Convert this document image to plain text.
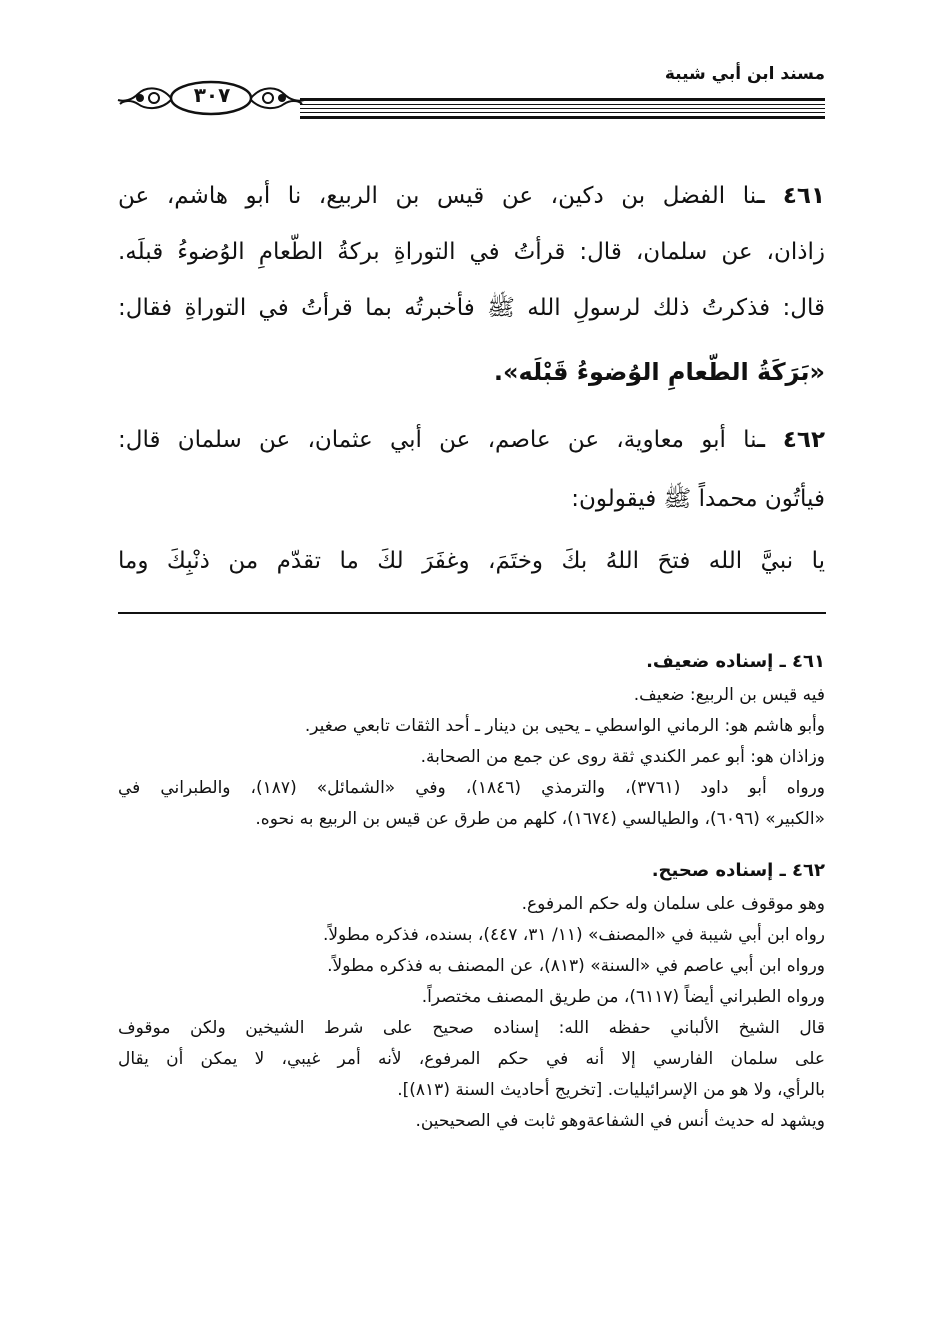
مسند ابن أبي شيبة
٣٠٧
٤٦١ ـنا الفضل بن دكين، عن قيس بن الربيع، نا أبو هاشم، عن
زاذان، عن سلمان، قال: قرأتُ في التوراةِ بركةُ الطّعامِ الوُضوءُ قبلَه.
قال: فذكرتُ ذلك لرسولِ الله ﷺ فأخبرتُه بما قرأتُ في التوراةِ فقال:
«بَرَكَةُ الطّعامِ الوُضوءُ قَبْلَه».
٤٦٢ ـنا أبو معاوية، عن عاصم، عن أبي عثمان، عن سلمان قال:
فيأتُون محمداً ﷺ فيقولون:
يا نبيَّ الله فتحَ اللهُ بكَ وختَمَ، وغفَرَ لكَ ما تقدّم من ذنْبِكَ وما
٤٦١ ـ إسناده ضعيف.
فيه قيس بن الربيع: ضعيف.
وأبو هاشم هو: الرماني الواسطي ـ يحيى بن دينار ـ أحد الثقات تابعي صغير.
وزاذان هو: أبو عمر الكندي ثقة روى عن جمع من الصحابة.
ورواه أبو داود (٣٧٦١)، والترمذي (١٨٤٦)، وفي «الشمائل» (١٨٧)، والطبراني في
«الكبير» (٦٠٩٦)، والطيالسي (١٦٧٤)، كلهم من طرق عن قيس بن الربيع به نحوه.
٤٦٢ ـ إسناده صحيح.
وهو موقوف على سلمان وله حكم المرفوع.
رواه ابن أبي شيبة في «المصنف» (١١/ ٣١، ٤٤٧)، بسنده، فذكره مطولاً.
ورواه ابن أبي عاصم في «السنة» (٨١٣)، عن المصنف به فذكره مطولاً.
ورواه الطبراني أيضاً (٦١١٧)، من طريق المصنف مختصراً.
قال الشيخ الألباني حفظه الله: إسناده صحيح على شرط الشيخين ولكن موقوف
على سلمان الفارسي إلا أنه في حكم المرفوع، لأنه أمر غيبي، لا يمكن أن يقال
بالرأي، ولا هو من الإسرائيليات. [تخريج أحاديث السنة (٨١٣)].
ويشهد له حديث أنس في الشفاعةوهو ثابت في الصحيحين.
